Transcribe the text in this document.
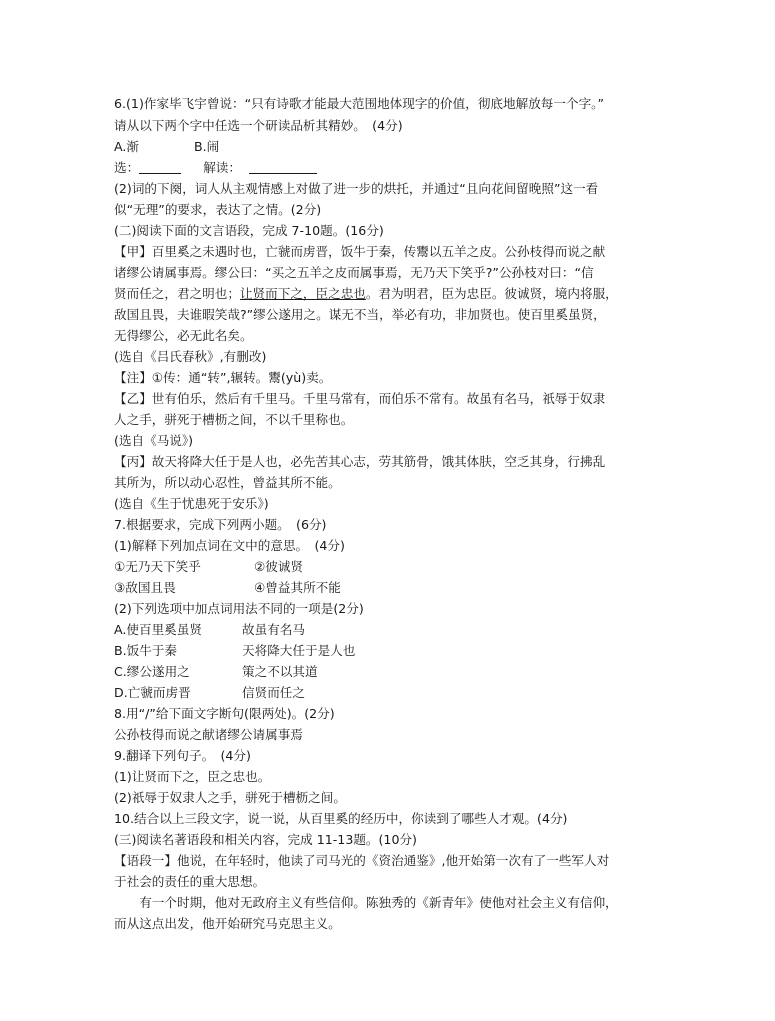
6.(1)作家毕飞宇曾说：“只有诗歌才能最大范围地体现字的价值，彻底地解放每一个字。”
请从以下两个字中任选一个研读品析其精妙。　(4分)
A.渐	B.闹
选：	解读：
(2)词的下阕，词人从主观情感上对做了进一步的烘托，并通过“且向花间留晚照”这一看
似“无理”的要求，表达了之情。(2分)
(二)阅读下面的文言语段，完成 7-10题。(16分)
【甲】百里奚之未遇时也，亡虢而虏晋，饭牛于秦，传鬻以五羊之皮。公孙枝得而说之献
诸缪公请属事焉。缪公曰：“买之五羊之皮而属事焉，无乃天下笑乎?”公孙枝对曰：“信
贤而任之，君之明也；让贤而下之，臣之忠也。君为明君，臣为忠臣。彼诚贤，境内将服，
敌国且畏，夫谁暇笑哉?”缪公遂用之。谋无不当，举必有功，非加贤也。使百里奚虽贤，
无得缪公，必无此名矣。
(选自《吕氏春秋》,有删改)
【注】①传：通“转”,辗转。鬻(yù)卖。
【乙】世有伯乐，然后有千里马。千里马常有，而伯乐不常有。故虽有名马，祇辱于奴隶
人之手，骈死于槽枥之间，不以千里称也。
(选自《马说》)
【丙】故天将降大任于是人也，必先苦其心志，劳其筋骨，饿其体肤，空乏其身，行拂乱
其所为，所以动心忍性，曾益其所不能。
(选自《生于忧患死于安乐》)
7.根据要求，完成下列两小题。　(6分)
(1)解释下列加点词在文中的意思。　(4分)
①无乃天下笑乎	②彼诚贤
③敌国且畏	④曾益其所不能
(2)下列选项中加点词用法不同的一项是(2分)
A.使百里奚虽贤	故虽有名马
B.饭牛于秦	天将降大任于是人也
C.缪公遂用之	策之不以其道
D.亡虢而虏晋	信贤而任之
8.用“/”给下面文字断句(限两处)。(2分)
公孙枝得而说之献诸缪公请属事焉
9.翻译下列句子。　(4分)
(1)让贤而下之，臣之忠也。
(2)祇辱于奴隶人之手，骈死于槽枥之间。
10.结合以上三段文字，说一说，从百里奚的经历中，你读到了哪些人才观。(4分)
(三)阅读名著语段和相关内容，完成 11-13题。(10分)
【语段一】他说，在年轻时，他读了司马光的《资治通鉴》,他开始第一次有了一些军人对
于社会的责任的重大思想。
　　有一个时期，他对无政府主义有些信仰。陈独秀的《新青年》使他对社会主义有信仰，
而从这点出发，他开始研究马克思主义。
